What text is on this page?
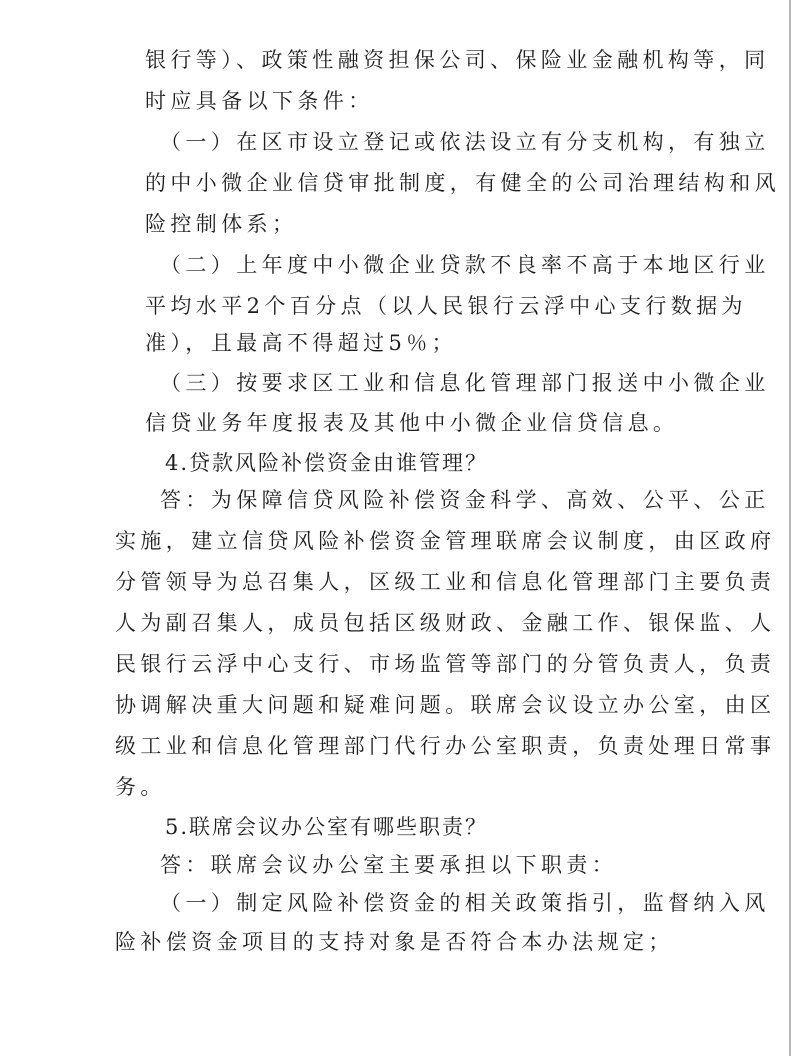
银行等）、政策性融资担保公司、保险业金融机构等，同
时应具备以下条件：
（一）在区市设立登记或依法设立有分支机构，有独立
的中小微企业信贷审批制度，有健全的公司治理结构和风
险控制体系；
（二）上年度中小微企业贷款不良率不高于本地区行业
平均水平2个百分点（以人民银行云浮中心支行数据为
准），且最高不得超过5％；
（三）按要求区工业和信息化管理部门报送中小微企业
信贷业务年度报表及其他中小微企业信贷信息。
4.贷款风险补偿资金由谁管理？
答：为保障信贷风险补偿资金科学、高效、公平、公正
实施，建立信贷风险补偿资金管理联席会议制度，由区政府
分管领导为总召集人，区级工业和信息化管理部门主要负责
人为副召集人，成员包括区级财政、金融工作、银保监、人
民银行云浮中心支行、市场监管等部门的分管负责人，负责
协调解决重大问题和疑难问题。联席会议设立办公室，由区
级工业和信息化管理部门代行办公室职责，负责处理日常事
务。
5.联席会议办公室有哪些职责？
答：联席会议办公室主要承担以下职责：
（一）制定风险补偿资金的相关政策指引，监督纳入风
险补偿资金项目的支持对象是否符合本办法规定；
